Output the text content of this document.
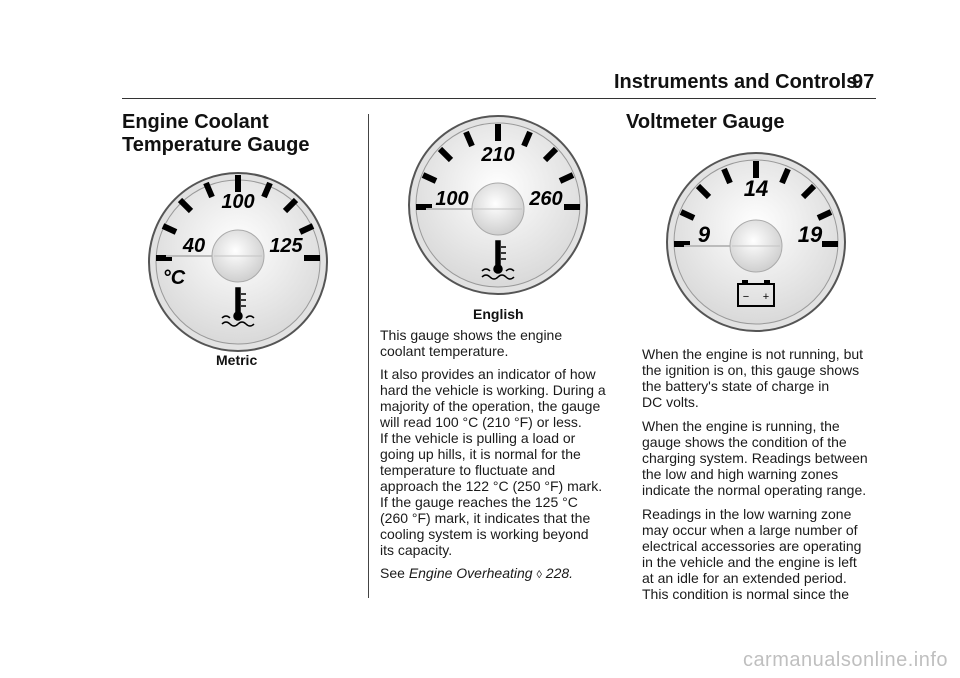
Instruments and Controls
97
Engine Coolant
Temperature Gauge
100
40	125
°C
Metric
210
100	260
English
This gauge shows the engine
coolant temperature.
It also provides an indicator of how
hard the vehicle is working. During a
majority of the operation, the gauge
will read 100 °C (210 °F) or less.
If the vehicle is pulling a load or
going up hills, it is normal for the
temperature to fluctuate and
approach the 122 °C (250 °F) mark.
If the gauge reaches the 125 °C
(260 °F) mark, it indicates that the
cooling system is working beyond
its capacity.
See Engine Overheating ◊ 228.
Voltmeter Gauge
14
9	19
− +
When the engine is not running, but
the ignition is on, this gauge shows
the battery's state of charge in
DC volts.
When the engine is running, the
gauge shows the condition of the
charging system. Readings between
the low and high warning zones
indicate the normal operating range.
Readings in the low warning zone
may occur when a large number of
electrical accessories are operating
in the vehicle and the engine is left
at an idle for an extended period.
This condition is normal since the
carmanualsonline.info
